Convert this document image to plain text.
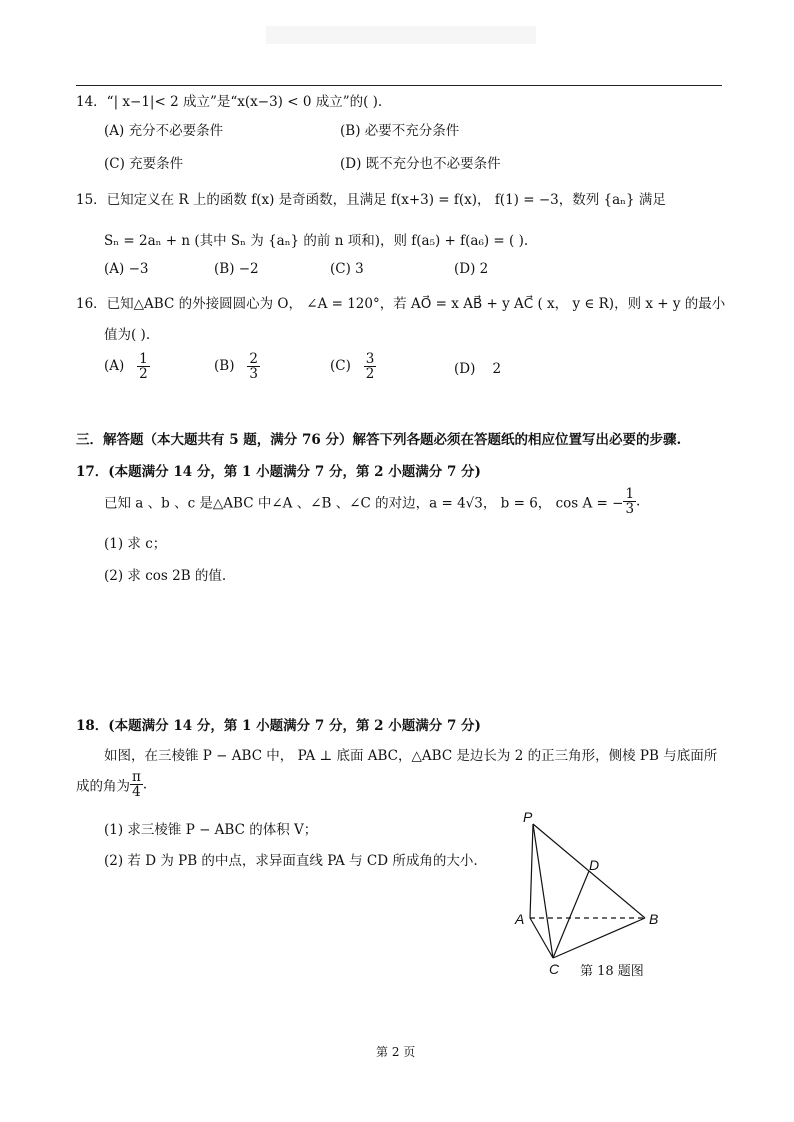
14．“| x−1|< 2 成立”是“x(x−3) < 0 成立”的( ).
(A) 充分不必要条件	(B) 必要不充分条件
(C) 充要条件	(D) 既不充分也不必要条件
15．已知定义在 R 上的函数 f(x) 是奇函数，且满足 f(x+3) = f(x)， f(1) = −3，数列 {aₙ} 满足
Sₙ = 2aₙ + n (其中 Sₙ 为 {aₙ} 的前 n 项和)，则 f(a₅) + f(a₆) = ( ).
(A) −3	(B) −2	(C) 3	(D) 2
16．已知△ABC 的外接圆圆心为 O， ∠A = 120°，若 AO⃗ = x AB⃗ + y AC⃗ ( x， y ∈ R)，则 x + y 的最小
值为( ).
$(A) \frac{1}{2}$	$(B) \frac{2}{3}$	$(C) \frac{3}{2}$	(D) 2
三．解答题（本大题共有 5 题，满分 76 分）解答下列各题必须在答题纸的相应位置写出必要的步骤.
17．(本题满分 14 分，第 1 小题满分 7 分，第 2 小题满分 7 分)
已知 a 、b 、c 是△ABC 中∠A 、∠B 、∠C 的对边，a = 4√3， b = 6， cos A = − $\frac{1}{3}$ .
(1) 求 c；
(2) 求 cos 2B 的值.
18．(本题满分 14 分，第 1 小题满分 7 分，第 2 小题满分 7 分)
如图，在三棱锥 P − ABC 中， PA ⊥ 底面 ABC，△ABC 是边长为 2 的正三角形，侧棱 PB 与底面所
成的角为 $\frac{\pi}{4}$ .
(1) 求三棱锥 P − ABC 的体积 V；
(2) 若 D 为 PB 的中点，求异面直线 PA 与 CD 所成角的大小.
P
A	B
C
D
第 18 题图
第 2 页
